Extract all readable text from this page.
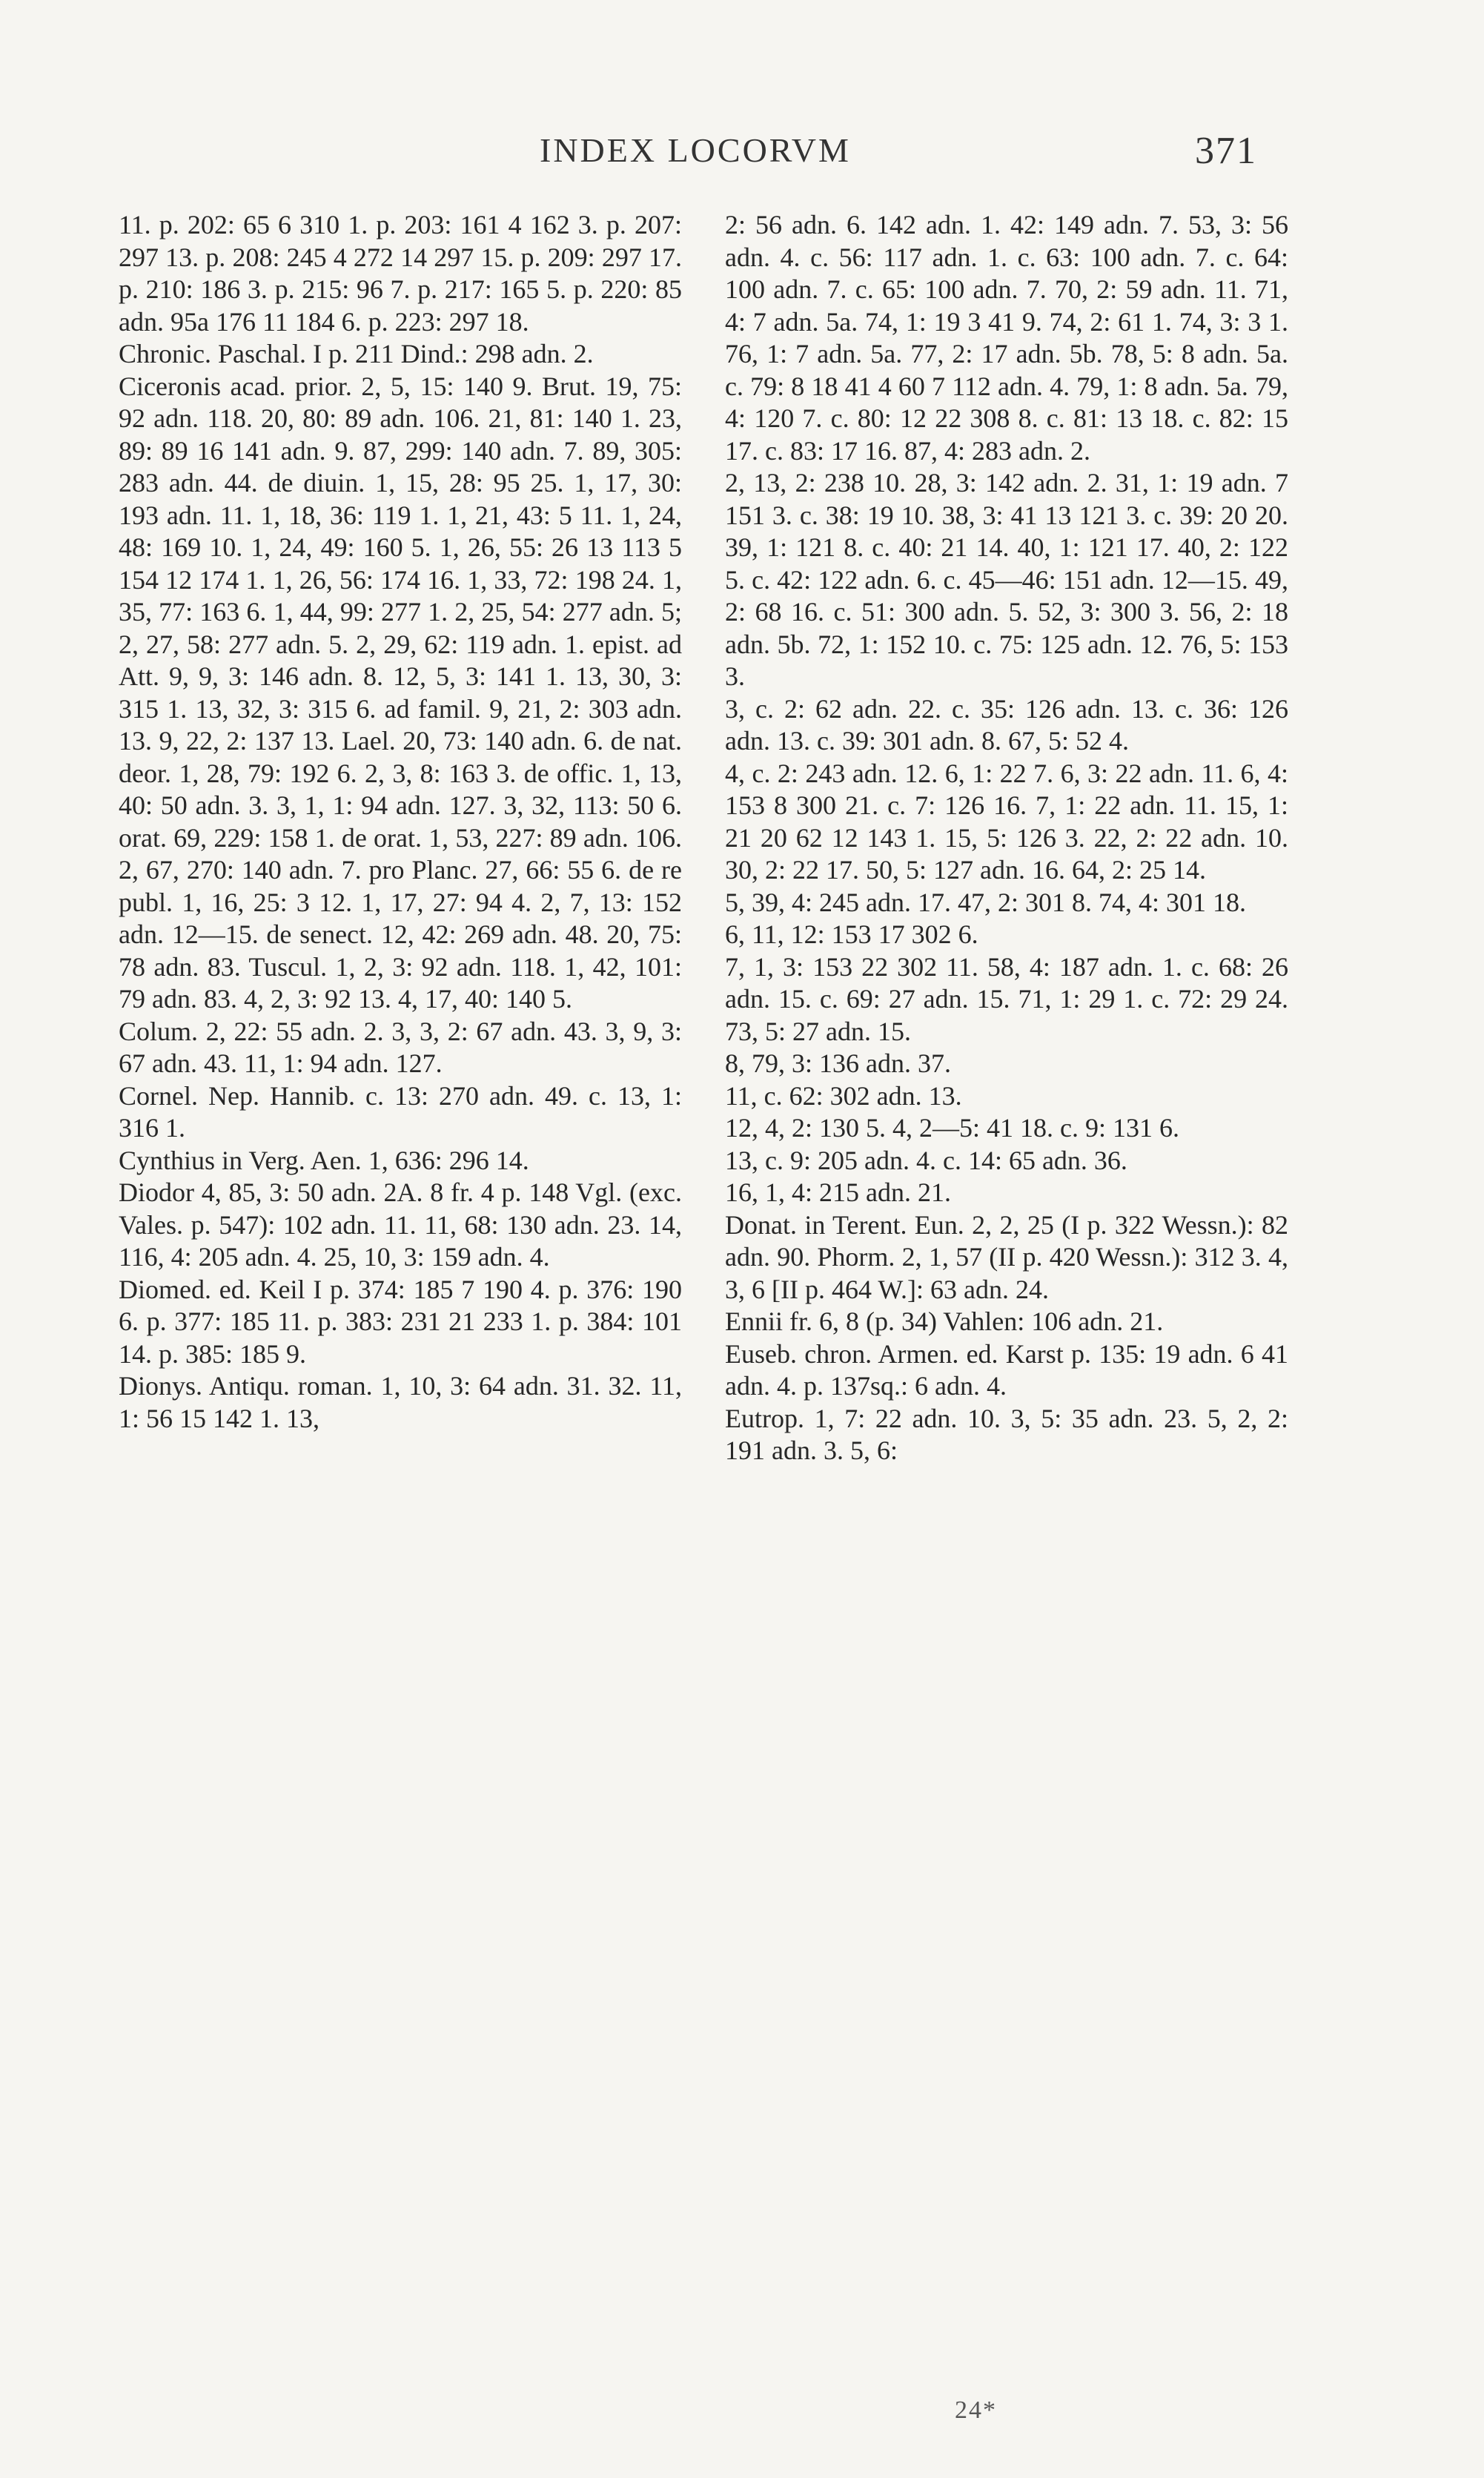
INDEX LOCORVM	371

11. p. 202: 65 6 310 1. p. 203: 161 4 162 3. p. 207: 297 13. p. 208: 245 4 272 14 297 15. p. 209: 297 17. p. 210: 186 3. p. 215: 96 7. p. 217: 165 5. p. 220: 85 adn. 95a 176 11 184 6. p. 223: 297 18.

Chronic. Paschal. I p. 211 Dind.: 298 adn. 2.

Ciceronis acad. prior. 2, 5, 15: 140 9. Brut. 19, 75: 92 adn. 118. 20, 80: 89 adn. 106. 21, 81: 140 1. 23, 89: 89 16 141 adn. 9. 87, 299: 140 adn. 7. 89, 305: 283 adn. 44. de diuin. 1, 15, 28: 95 25. 1, 17, 30: 193 adn. 11. 1, 18, 36: 119 1. 1, 21, 43: 5 11. 1, 24, 48: 169 10. 1, 24, 49: 160 5. 1, 26, 55: 26 13 113 5 154 12 174 1. 1, 26, 56: 174 16. 1, 33, 72: 198 24. 1, 35, 77: 163 6. 1, 44, 99: 277 1. 2, 25, 54: 277 adn. 5; 2, 27, 58: 277 adn. 5. 2, 29, 62: 119 adn. 1. epist. ad Att. 9, 9, 3: 146 adn. 8. 12, 5, 3: 141 1. 13, 30, 3: 315 1. 13, 32, 3: 315 6. ad famil. 9, 21, 2: 303 adn. 13. 9, 22, 2: 137 13. Lael. 20, 73: 140 adn. 6. de nat. deor. 1, 28, 79: 192 6. 2, 3, 8: 163 3. de offic. 1, 13, 40: 50 adn. 3. 3, 1, 1: 94 adn. 127. 3, 32, 113: 50 6. orat. 69, 229: 158 1. de orat. 1, 53, 227: 89 adn. 106. 2, 67, 270: 140 adn. 7. pro Planc. 27, 66: 55 6. de re publ. 1, 16, 25: 3 12. 1, 17, 27: 94 4. 2, 7, 13: 152 adn. 12—15. de senect. 12, 42: 269 adn. 48. 20, 75: 78 adn. 83. Tuscul. 1, 2, 3: 92 adn. 118. 1, 42, 101: 79 adn. 83. 4, 2, 3: 92 13. 4, 17, 40: 140 5.

Colum. 2, 22: 55 adn. 2. 3, 3, 2: 67 adn. 43. 3, 9, 3: 67 adn. 43. 11, 1: 94 adn. 127.

Cornel. Nep. Hannib. c. 13: 270 adn. 49. c. 13, 1: 316 1.

Cynthius in Verg. Aen. 1, 636: 296 14.

Diodor 4, 85, 3: 50 adn. 2A. 8 fr. 4 p. 148 Vgl. (exc. Vales. p. 547): 102 adn. 11. 11, 68: 130 adn. 23. 14, 116, 4: 205 adn. 4. 25, 10, 3: 159 adn. 4.

Diomed. ed. Keil I p. 374: 185 7 190 4. p. 376: 190 6. p. 377: 185 11. p. 383: 231 21 233 1. p. 384: 101 14. p. 385: 185 9.

Dionys. Antiqu. roman. 1, 10, 3: 64 adn. 31. 32. 11, 1: 56 15 142 1. 13,

2: 56 adn. 6. 142 adn. 1. 42: 149 adn. 7. 53, 3: 56 adn. 4. c. 56: 117 adn. 1. c. 63: 100 adn. 7. c. 64: 100 adn. 7. c. 65: 100 adn. 7. 70, 2: 59 adn. 11. 71, 4: 7 adn. 5a. 74, 1: 19 3 41 9. 74, 2: 61 1. 74, 3: 3 1. 76, 1: 7 adn. 5a. 77, 2: 17 adn. 5b. 78, 5: 8 adn. 5a. c. 79: 8 18 41 4 60 7 112 adn. 4. 79, 1: 8 adn. 5a. 79, 4: 120 7. c. 80: 12 22 308 8. c. 81: 13 18. c. 82: 15 17. c. 83: 17 16. 87, 4: 283 adn. 2.

2, 13, 2: 238 10. 28, 3: 142 adn. 2. 31, 1: 19 adn. 7 151 3. c. 38: 19 10. 38, 3: 41 13 121 3. c. 39: 20 20. 39, 1: 121 8. c. 40: 21 14. 40, 1: 121 17. 40, 2: 122 5. c. 42: 122 adn. 6. c. 45—46: 151 adn. 12—15. 49, 2: 68 16. c. 51: 300 adn. 5. 52, 3: 300 3. 56, 2: 18 adn. 5b. 72, 1: 152 10. c. 75: 125 adn. 12. 76, 5: 153 3.

3, c. 2: 62 adn. 22. c. 35: 126 adn. 13. c. 36: 126 adn. 13. c. 39: 301 adn. 8. 67, 5: 52 4.

4, c. 2: 243 adn. 12. 6, 1: 22 7. 6, 3: 22 adn. 11. 6, 4: 153 8 300 21. c. 7: 126 16. 7, 1: 22 adn. 11. 15, 1: 21 20 62 12 143 1. 15, 5: 126 3. 22, 2: 22 adn. 10. 30, 2: 22 17. 50, 5: 127 adn. 16. 64, 2: 25 14.

5, 39, 4: 245 adn. 17. 47, 2: 301 8. 74, 4: 301 18.

6, 11, 12: 153 17 302 6.

7, 1, 3: 153 22 302 11. 58, 4: 187 adn. 1. c. 68: 26 adn. 15. c. 69: 27 adn. 15. 71, 1: 29 1. c. 72: 29 24. 73, 5: 27 adn. 15.

8, 79, 3: 136 adn. 37.

11, c. 62: 302 adn. 13.

12, 4, 2: 130 5. 4, 2—5: 41 18. c. 9: 131 6.

13, c. 9: 205 adn. 4. c. 14: 65 adn. 36.

16, 1, 4: 215 adn. 21.

Donat. in Terent. Eun. 2, 2, 25 (I p. 322 Wessn.): 82 adn. 90. Phorm. 2, 1, 57 (II p. 420 Wessn.): 312 3. 4, 3, 6 [II p. 464 W.]: 63 adn. 24.

Ennii fr. 6, 8 (p. 34) Vahlen: 106 adn. 21.

Euseb. chron. Armen. ed. Karst p. 135: 19 adn. 6 41 adn. 4. p. 137sq.: 6 adn. 4.

Eutrop. 1, 7: 22 adn. 10. 3, 5: 35 adn. 23. 5, 2, 2: 191 adn. 3. 5, 6:

24*
